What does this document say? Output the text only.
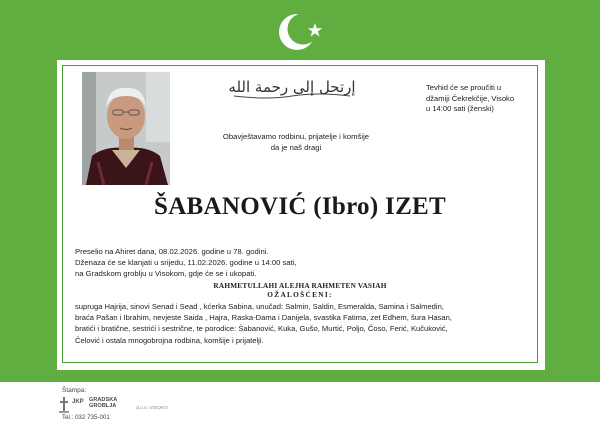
إرتحل إلى رحمة الله	Tevhid će se proučiti u
džamiji Čekrekčije, Visoko
u 14:00 sati (ženski)
Obavještavamo rodbinu, prijatelje i komšije
da je naš dragi
ŠABANOVIĆ (Ibro) IZET
Preselio na Ahiret dana, 08.02.2026. godine u 78. godini.
Dženaza će se klanjati u srijedu, 11.02.2026. godine u 14:00 sati,
na Gradskom groblju u Visokom, gdje će se i ukopati.
RAHMETULLAHI ALEJHA RAHMETEN VASIAH
OŽALOŠĆENI:
supruga Hajrija, sinovi Senad i Sead , kćerka Sabina, unučad: Salmin, Saldin, Esmeralda, Samina i Salmedin,
braća Pašan i Ibrahim, nevjeste Saida , Hajra, Raska-Dama i Danijela, svastika Fatima, zet Edhem, šura Hasan,
bratići i bratične, sestrići i sestrične, te porodice: Šabanović, Kuka, Gušo, Murtić, Poljo, Čoso, Ferić, Kučuković,
Čelović i ostala mnogobrojna rodbina, komšije i prijatelji.
Štampa:
JKP GRADSKA
GROBLJA	d.o.o. VISOKO
Tel.: 032 735-001
